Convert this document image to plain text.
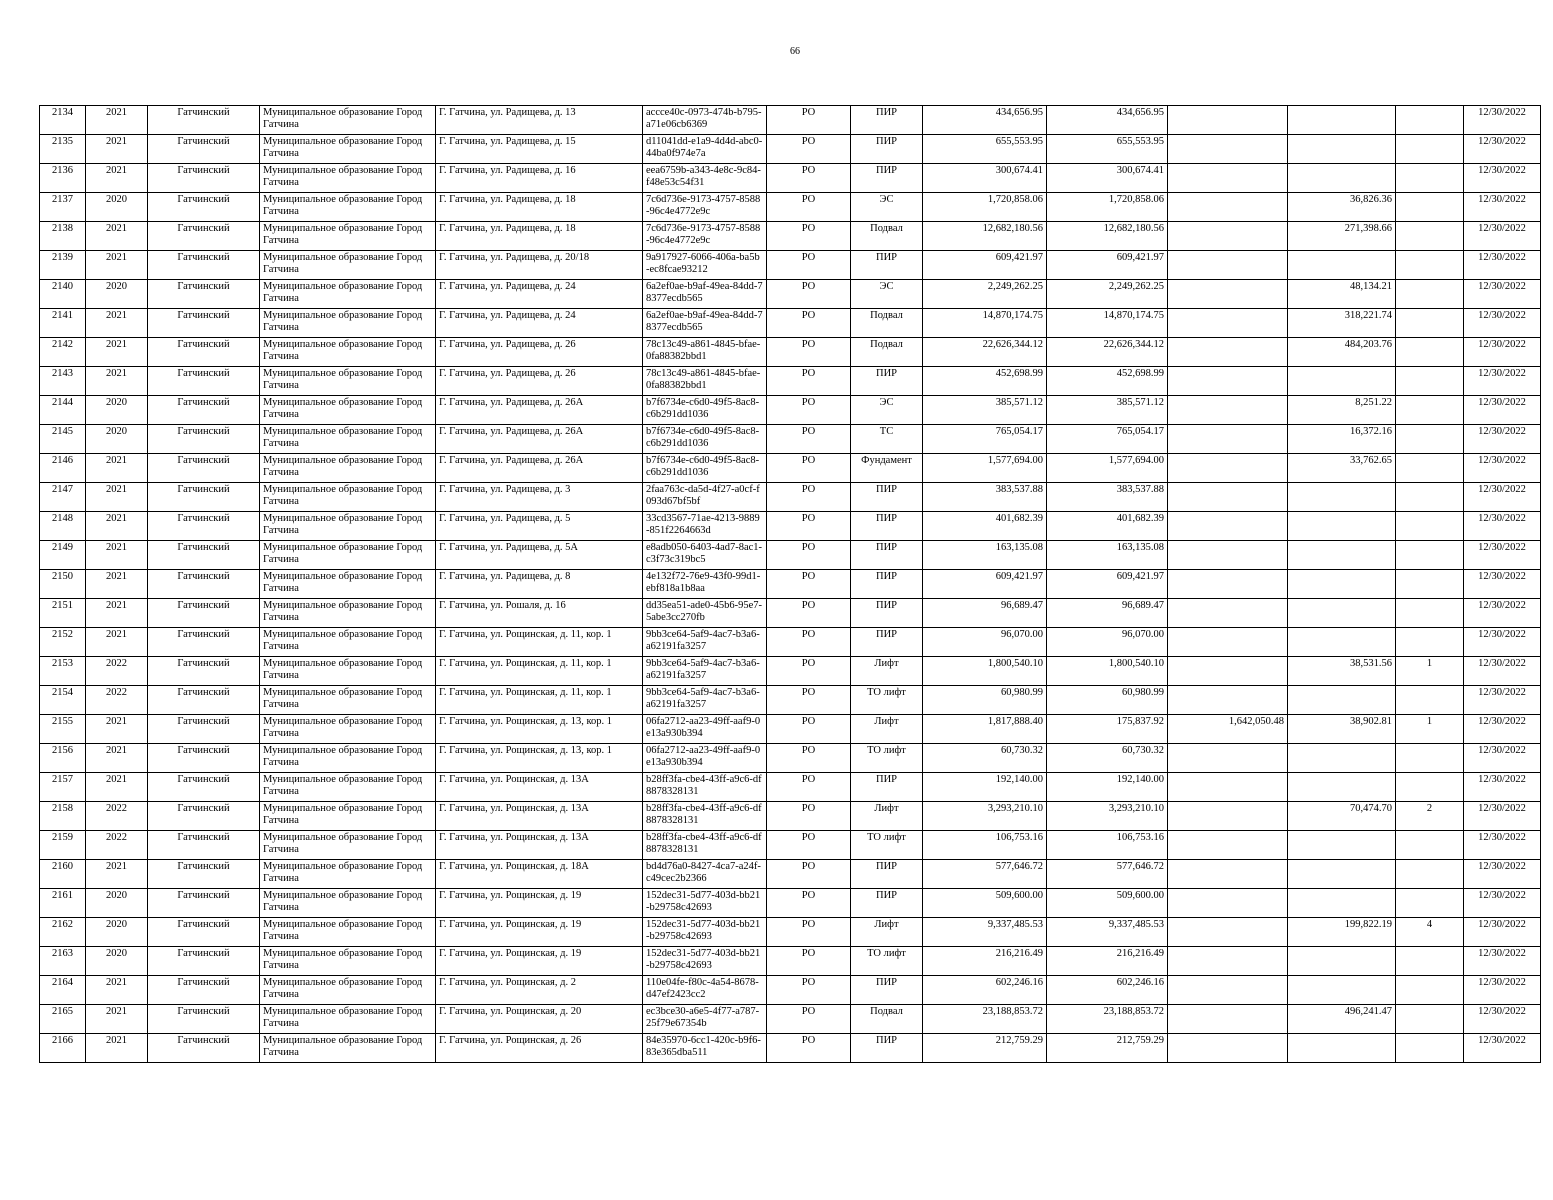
66
2134	2021	Гатчинский	Муниципальное образование Город Гатчина	Г. Гатчина, ул. Радищева, д. 13	accce40c-0973-474b-b795-a71e06cb6369	РО	ПИР	434,656.95	434,656.95				12/30/2022
2135	2021	Гатчинский	Муниципальное образование Город Гатчина	Г. Гатчина, ул. Радищева, д. 15	d11041dd-e1a9-4d4d-abc0-44ba0f974e7a	РО	ПИР	655,553.95	655,553.95				12/30/2022
2136	2021	Гатчинский	Муниципальное образование Город Гатчина	Г. Гатчина, ул. Радищева, д. 16	eea6759b-a343-4e8c-9c84-f48e53c54f31	РО	ПИР	300,674.41	300,674.41				12/30/2022
2137	2020	Гатчинский	Муниципальное образование Город Гатчина	Г. Гатчина, ул. Радищева, д. 18	7c6d736e-9173-4757-8588-96c4e4772e9c	РО	ЭС	1,720,858.06	1,720,858.06		36,826.36		12/30/2022
2138	2021	Гатчинский	Муниципальное образование Город Гатчина	Г. Гатчина, ул. Радищева, д. 18	7c6d736e-9173-4757-8588-96c4e4772e9c	РО	Подвал	12,682,180.56	12,682,180.56		271,398.66		12/30/2022
2139	2021	Гатчинский	Муниципальное образование Город Гатчина	Г. Гатчина, ул. Радищева, д. 20/18	9a917927-6066-406a-ba5b-ec8fcae93212	РО	ПИР	609,421.97	609,421.97				12/30/2022
2140	2020	Гатчинский	Муниципальное образование Город Гатчина	Г. Гатчина, ул. Радищева, д. 24	6a2ef0ae-b9af-49ea-84dd-78377ecdb565	РО	ЭС	2,249,262.25	2,249,262.25		48,134.21		12/30/2022
2141	2021	Гатчинский	Муниципальное образование Город Гатчина	Г. Гатчина, ул. Радищева, д. 24	6a2ef0ae-b9af-49ea-84dd-78377ecdb565	РО	Подвал	14,870,174.75	14,870,174.75		318,221.74		12/30/2022
2142	2021	Гатчинский	Муниципальное образование Город Гатчина	Г. Гатчина, ул. Радищева, д. 26	78c13c49-a861-4845-bfae-0fa88382bbd1	РО	Подвал	22,626,344.12	22,626,344.12		484,203.76		12/30/2022
2143	2021	Гатчинский	Муниципальное образование Город Гатчина	Г. Гатчина, ул. Радищева, д. 26	78c13c49-a861-4845-bfae-0fa88382bbd1	РО	ПИР	452,698.99	452,698.99				12/30/2022
2144	2020	Гатчинский	Муниципальное образование Город Гатчина	Г. Гатчина, ул. Радищева, д. 26А	b7f6734e-c6d0-49f5-8ac8-c6b291dd1036	РО	ЭС	385,571.12	385,571.12		8,251.22		12/30/2022
2145	2020	Гатчинский	Муниципальное образование Город Гатчина	Г. Гатчина, ул. Радищева, д. 26А	b7f6734e-c6d0-49f5-8ac8-c6b291dd1036	РО	ТС	765,054.17	765,054.17		16,372.16		12/30/2022
2146	2021	Гатчинский	Муниципальное образование Город Гатчина	Г. Гатчина, ул. Радищева, д. 26А	b7f6734e-c6d0-49f5-8ac8-c6b291dd1036	РО	Фундамент	1,577,694.00	1,577,694.00		33,762.65		12/30/2022
2147	2021	Гатчинский	Муниципальное образование Город Гатчина	Г. Гатчина, ул. Радищева, д. 3	2faa763c-da5d-4f27-a0cf-f093d67bf5bf	РО	ПИР	383,537.88	383,537.88				12/30/2022
2148	2021	Гатчинский	Муниципальное образование Город Гатчина	Г. Гатчина, ул. Радищева, д. 5	33cd3567-71ae-4213-9889-851f2264663d	РО	ПИР	401,682.39	401,682.39				12/30/2022
2149	2021	Гатчинский	Муниципальное образование Город Гатчина	Г. Гатчина, ул. Радищева, д. 5А	e8adb050-6403-4ad7-8ac1-c3f73c319bc5	РО	ПИР	163,135.08	163,135.08				12/30/2022
2150	2021	Гатчинский	Муниципальное образование Город Гатчина	Г. Гатчина, ул. Радищева, д. 8	4e132f72-76e9-43f0-99d1-ebf818a1b8aa	РО	ПИР	609,421.97	609,421.97				12/30/2022
2151	2021	Гатчинский	Муниципальное образование Город Гатчина	Г. Гатчина, ул. Рошаля, д. 16	dd35ea51-ade0-45b6-95e7-5abe3cc270fb	РО	ПИР	96,689.47	96,689.47				12/30/2022
2152	2021	Гатчинский	Муниципальное образование Город Гатчина	Г. Гатчина, ул. Рощинская, д. 11, кор. 1	9bb3ce64-5af9-4ac7-b3a6-a62191fa3257	РО	ПИР	96,070.00	96,070.00				12/30/2022
2153	2022	Гатчинский	Муниципальное образование Город Гатчина	Г. Гатчина, ул. Рощинская, д. 11, кор. 1	9bb3ce64-5af9-4ac7-b3a6-a62191fa3257	РО	Лифт	1,800,540.10	1,800,540.10		38,531.56	1	12/30/2022
2154	2022	Гатчинский	Муниципальное образование Город Гатчина	Г. Гатчина, ул. Рощинская, д. 11, кор. 1	9bb3ce64-5af9-4ac7-b3a6-a62191fa3257	РО	ТО лифт	60,980.99	60,980.99				12/30/2022
2155	2021	Гатчинский	Муниципальное образование Город Гатчина	Г. Гатчина, ул. Рощинская, д. 13, кор. 1	06fa2712-aa23-49ff-aaf9-0e13a930b394	РО	Лифт	1,817,888.40	175,837.92	1,642,050.48	38,902.81	1	12/30/2022
2156	2021	Гатчинский	Муниципальное образование Город Гатчина	Г. Гатчина, ул. Рощинская, д. 13, кор. 1	06fa2712-aa23-49ff-aaf9-0e13a930b394	РО	ТО лифт	60,730.32	60,730.32				12/30/2022
2157	2021	Гатчинский	Муниципальное образование Город Гатчина	Г. Гатчина, ул. Рощинская, д. 13А	b28ff3fa-cbe4-43ff-a9c6-df8878328131	РО	ПИР	192,140.00	192,140.00				12/30/2022
2158	2022	Гатчинский	Муниципальное образование Город Гатчина	Г. Гатчина, ул. Рощинская, д. 13А	b28ff3fa-cbe4-43ff-a9c6-df8878328131	РО	Лифт	3,293,210.10	3,293,210.10		70,474.70	2	12/30/2022
2159	2022	Гатчинский	Муниципальное образование Город Гатчина	Г. Гатчина, ул. Рощинская, д. 13А	b28ff3fa-cbe4-43ff-a9c6-df8878328131	РО	ТО лифт	106,753.16	106,753.16				12/30/2022
2160	2021	Гатчинский	Муниципальное образование Город Гатчина	Г. Гатчина, ул. Рощинская, д. 18А	bd4d76a0-8427-4ca7-a24f-c49cec2b2366	РО	ПИР	577,646.72	577,646.72				12/30/2022
2161	2020	Гатчинский	Муниципальное образование Город Гатчина	Г. Гатчина, ул. Рощинская, д. 19	152dec31-5d77-403d-bb21-b29758c42693	РО	ПИР	509,600.00	509,600.00				12/30/2022
2162	2020	Гатчинский	Муниципальное образование Город Гатчина	Г. Гатчина, ул. Рощинская, д. 19	152dec31-5d77-403d-bb21-b29758c42693	РО	Лифт	9,337,485.53	9,337,485.53		199,822.19	4	12/30/2022
2163	2020	Гатчинский	Муниципальное образование Город Гатчина	Г. Гатчина, ул. Рощинская, д. 19	152dec31-5d77-403d-bb21-b29758c42693	РО	ТО лифт	216,216.49	216,216.49				12/30/2022
2164	2021	Гатчинский	Муниципальное образование Город Гатчина	Г. Гатчина, ул. Рощинская, д. 2	110e04fe-f80c-4a54-8678-d47ef2423cc2	РО	ПИР	602,246.16	602,246.16				12/30/2022
2165	2021	Гатчинский	Муниципальное образование Город Гатчина	Г. Гатчина, ул. Рощинская, д. 20	ec3bce30-a6e5-4f77-a787-25f79e67354b	РО	Подвал	23,188,853.72	23,188,853.72		496,241.47		12/30/2022
2166	2021	Гатчинский	Муниципальное образование Город Гатчина	Г. Гатчина, ул. Рощинская, д. 26	84e35970-6cc1-420c-b9f6-83e365dba511	РО	ПИР	212,759.29	212,759.29				12/30/2022
